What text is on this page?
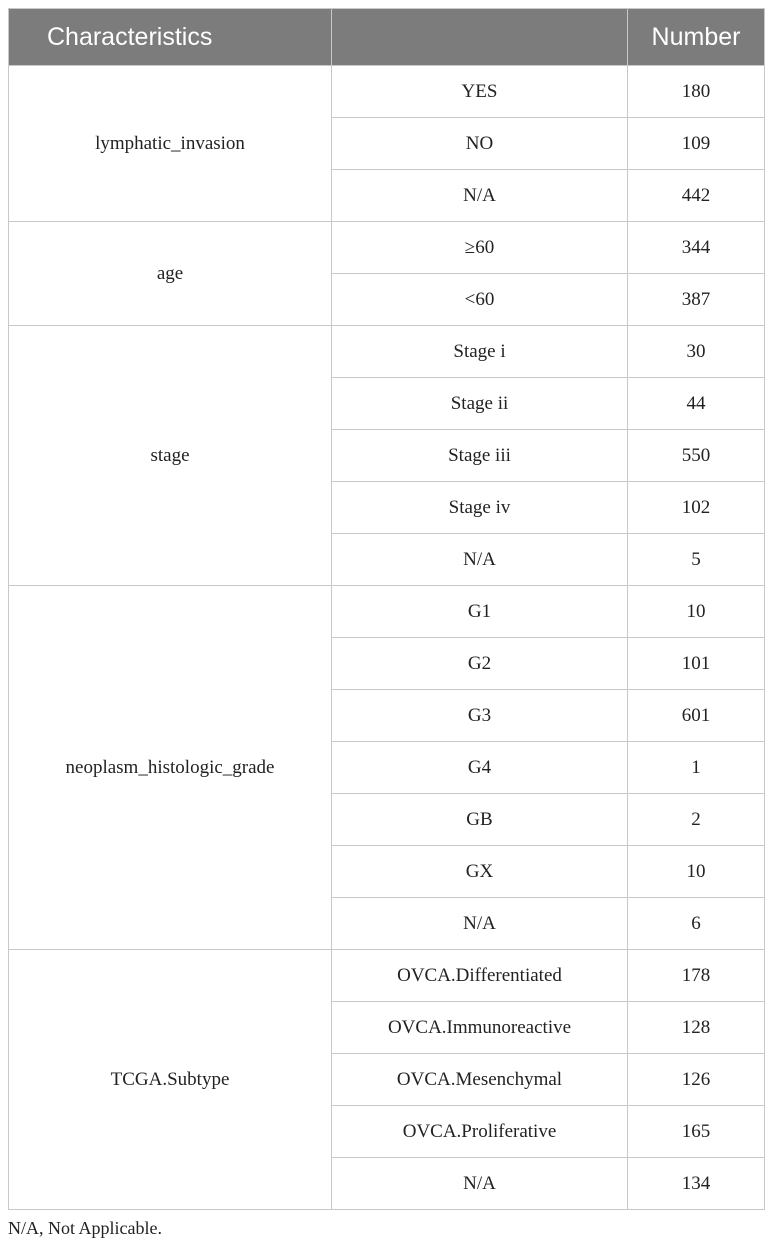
Characteristics		Number
lymphatic_invasion	YES	180
	NO	109
	N/A	442
age	≥60	344
	<60	387
stage	Stage i	30
	Stage ii	44
	Stage iii	550
	Stage iv	102
	N/A	5
neoplasm_histologic_grade	G1	10
	G2	101
	G3	601
	G4	1
	GB	2
	GX	10
	N/A	6
TCGA.Subtype	OVCA.Differentiated	178
	OVCA.Immunoreactive	128
	OVCA.Mesenchymal	126
	OVCA.Proliferative	165
	N/A	134
N/A, Not Applicable.
